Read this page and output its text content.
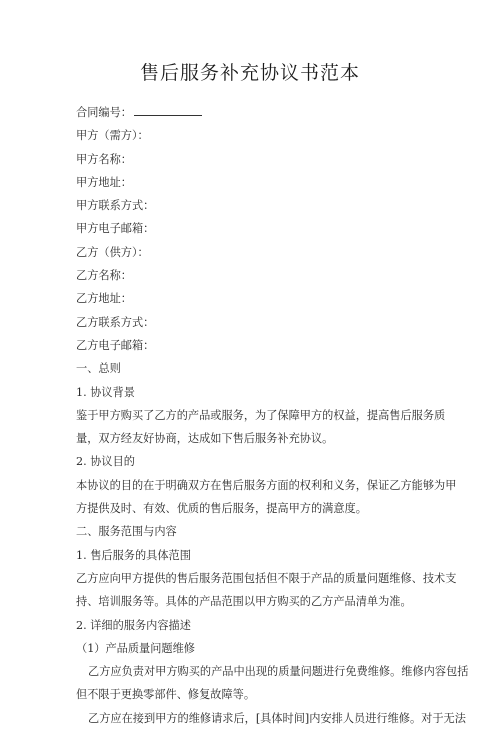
售后服务补充协议书范本
合同编号：
甲方（需方）：
甲方名称：
甲方地址：
甲方联系方式：
甲方电子邮箱：
乙方（供方）：
乙方名称：
乙方地址：
乙方联系方式：
乙方电子邮箱：
一、总则
1. 协议背景
鉴于甲方购买了乙方的产品或服务，为了保障甲方的权益，提高售后服务质
量，双方经友好协商，达成如下售后服务补充协议。
2. 协议目的
本协议的目的在于明确双方在售后服务方面的权利和义务，保证乙方能够为甲
方提供及时、有效、优质的售后服务，提高甲方的满意度。
二、服务范围与内容
1. 售后服务的具体范围
乙方应向甲方提供的售后服务范围包括但不限于产品的质量问题维修、技术支
持、培训服务等。具体的产品范围以甲方购买的乙方产品清单为准。
2. 详细的服务内容描述
（1）产品质量问题维修
乙方应负责对甲方购买的产品中出现的质量问题进行免费维修。维修内容包括
但不限于更换零部件、修复故障等。
乙方应在接到甲方的维修请求后，[具体时间]内安排人员进行维修。对于无法
